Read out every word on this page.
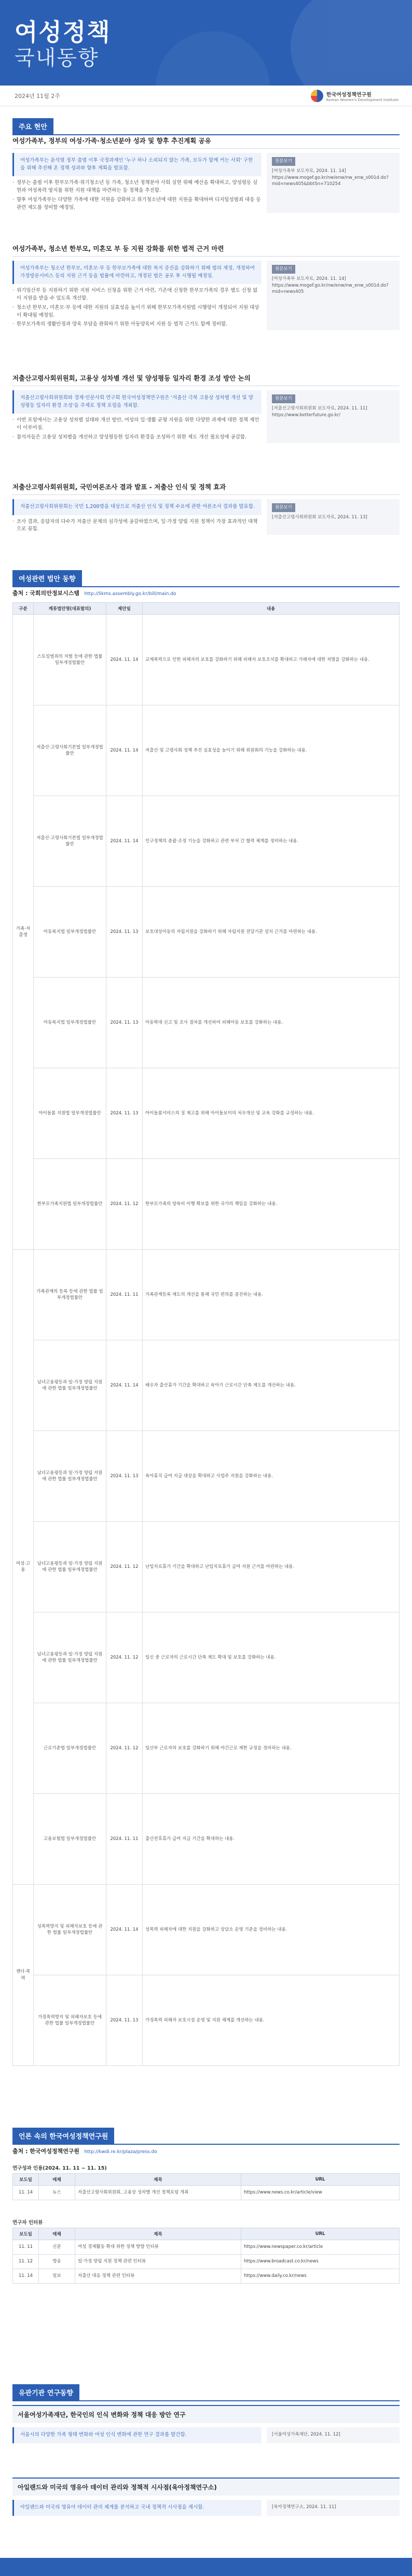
여성정책
국내동향
2024년 11월 2주	한국여성정책연구원
Korean Women's Development Institute
주요 현안
여성가족부, 정부의 여성·가족·청소년분야 성과 및 향후 추진계획 공유
여성가족부는 윤석열 정부 출범 이후 국정과제인 '누구 하나 소외되지 않는 가족, 모두가 함께 커는 사회' 구현을 위해 추진해 온 정책 성과와 향후 계획을 발표함.
· 정부는 출범 이후 한부모가족·위기청소년 등 가족, 청소년 정책분야 사회 실현 위해 예산을 확대하고, 양성평등 실현과 여성폭력 방지를 위한 지원 대책을 마련하는 등 정책을 추진함.
· 향후 여성가족부는 다양한 가족에 대한 지원을 강화하고 위기청소년에 대한 지원을 확대하며 디지털성범죄 대응 등 관련 제도를 정비할 예정임.
원문보기
[여성가족부 보도자료, 2024. 11. 14] https://www.mogef.go.kr/nw/enw/nw_enw_s001d.do?mid=news405&bbtSn=710254
여성가족부, 청소년 한부모, 미혼모 부 등 지원 강화를 위한 법적 근거 마련
여성가족부는 청소년 한부모, 미혼모·부 등 한부모가족에 대한 복지 증진을 강화하기 위해 법의 제정, 개정하여 가정방문서비스 등의 지원 근거 등을 법률에 마련하고, 개정된 법은 공포 후 시행될 예정임.
· 위기임산부 등 지원하기 위한 지원 서비스 신청을 위한 근거 마련, 기존에 신청한 한부모가족의 경우 별도 신청 없이 지원을 받을 수 있도록 개선함.
· 청소년 한부모, 미혼모·부 등에 대한 지원의 실효성을 높이기 위해 한부모가족지원법 시행령이 개정되어 지원 대상이 확대될 예정임.
· 한부모가족의 생활안정과 양육 부담을 완화하기 위한 아동양육비 지원 등 법적 근거도 함께 정비함.
원문보기
[여성가족부 보도자료, 2024. 11. 14] https://www.mogef.go.kr/nw/enw/nw_enw_s001d.do?mid=news405
저출산고령사회위원회, 고용상 성차별 개선 및 양성평등 일자리 환경 조성 방안 논의
저출산고령사회위원회와 경제·인문사회 연구회 한국여성정책연구원은 '저출산 극복 고용상 성차별 개선 및 양성평등 일자리 환경 조성'을 주제로 정책 포럼을 개최함.
· 이번 포럼에서는 고용상 성차별 실태와 개선 방안, 여성의 일·생활 균형 지원을 위한 다양한 과제에 대한 정책 제언이 이루어짐.
· 참석자들은 고용상 성차별을 개선하고 양성평등한 일자리 환경을 조성하기 위한 제도 개선 필요성에 공감함.
원문보기
[저출산고령사회위원회 보도자료, 2024. 11. 11] https://www.betterfuture.go.kr/
저출산고령사회위원회, 국민여론조사 결과 발표 - 저출산 인식 및 정책 효과
저출산고령사회위원회는 국민 1,200명을 대상으로 저출산 인식 및 정책 수요에 관한 여론조사 결과를 발표함.
· 조사 결과, 응답자의 다수가 저출산 문제의 심각성에 공감하였으며, 일·가정 양립 지원 정책이 가장 효과적인 대책으로 꼽힘.
원문보기
[저출산고령사회위원회 보도자료, 2024. 11. 13]
여성관련 법안 동향
출처 : 국회의안정보시스템 http://likms.assembly.go.kr/bill/main.do
구분	계류법안명(대표발의)	제안일	내용
가족·저출생	스토킹범죄의 처벌 등에 관한 법률 일부개정법률안	2024. 11. 14	교제폭력으로 인한 피해자의 보호를 강화하기 위해 피해자 보호조치를 확대하고 가해자에 대한 처벌을 강화하는 내용.
	저출산·고령사회기본법 일부개정법률안	2024. 11. 14	저출산 및 고령사회 정책 추진 실효성을 높이기 위해 위원회의 기능을 강화하는 내용.
	저출산·고령사회기본법 일부개정법률안	2024. 11. 14	인구정책의 총괄·조정 기능을 강화하고 관련 부처 간 협력 체계를 정비하는 내용.
	아동복지법 일부개정법률안	2024. 11. 13	보호대상아동의 자립지원을 강화하기 위해 자립지원 전담기관 설치 근거를 마련하는 내용.
	아동복지법 일부개정법률안	2024. 11. 13	아동학대 신고 및 조사 절차를 개선하여 피해아동 보호를 강화하는 내용.
	아이돌봄 지원법 일부개정법률안	2024. 11. 13	아이돌봄서비스의 질 제고를 위해 아이돌보미의 처우개선 및 교육 강화를 규정하는 내용.
	한부모가족지원법 일부개정법률안	2024. 11. 12	한부모가족의 양육비 이행 확보를 위한 국가의 책임을 강화하는 내용.
여성·고용	가족관계의 등록 등에 관한 법률 일부개정법률안	2024. 11. 11	가족관계등록 제도의 개선을 통해 국민 편의를 증진하는 내용.
	남녀고용평등과 일·가정 양립 지원에 관한 법률 일부개정법률안	2024. 11. 14	배우자 출산휴가 기간을 확대하고 육아기 근로시간 단축 제도를 개선하는 내용.
	남녀고용평등과 일·가정 양립 지원에 관한 법률 일부개정법률안	2024. 11. 13	육아휴직 급여 지급 대상을 확대하고 사업주 지원을 강화하는 내용.
	남녀고용평등과 일·가정 양립 지원에 관한 법률 일부개정법률안	2024. 11. 12	난임치료휴가 기간을 확대하고 난임치료휴가 급여 지원 근거를 마련하는 내용.
	남녀고용평등과 일·가정 양립 지원에 관한 법률 일부개정법률안	2024. 11. 12	임신 중 근로자의 근로시간 단축 제도 확대 및 보호를 강화하는 내용.
	근로기준법 일부개정법률안	2024. 11. 12	임산부 근로자의 보호를 강화하기 위해 야간근로 제한 규정을 정비하는 내용.
	고용보험법 일부개정법률안	2024. 11. 11	출산전후휴가 급여 지급 기간을 확대하는 내용.
젠더·폭력	성폭력방지 및 피해자보호 등에 관한 법률 일부개정법률안	2024. 11. 14	성폭력 피해자에 대한 지원을 강화하고 상담소 운영 기준을 정비하는 내용.
	가정폭력방지 및 피해자보호 등에 관한 법률 일부개정법률안	2024. 11. 13	가정폭력 피해자 보호시설 운영 및 지원 체계를 개선하는 내용.
언론 속의 한국여성정책연구원
출처 : 한국여성정책연구원 http://kwdi.re.kr/plaza/press.do
연구성과 인용(2024. 11. 11 ~ 11. 15)
보도일	매체	제목	URL
11. 14	뉴스	저출산고령사회위원회, 고용상 성차별 개선 정책포럼 개최	https://www.news.co.kr/article/view
연구자 인터뷰
보도일	매체	제목	URL
11. 11	신문	여성 경제활동 확대 위한 정책 방향 인터뷰	https://www.newspaper.co.kr/article
11. 12	방송	일·가정 양립 지원 정책 관련 인터뷰	https://www.broadcast.co.kr/news
11. 14	일보	저출산 대응 정책 관련 인터뷰	https://www.daily.co.kr/news
유관기관 연구동향
서울여성가족재단, 한국인의 인식 변화와 정책 대응 방안 연구
서울시의 다양한 가족 형태 변화와 여성 인식 변화에 관한 연구 결과를 발간함.	[서울여성가족재단, 2024. 11. 12]
아일랜드와 미국의 영유아 데이터 관리와 정책적 시사점(육아정책연구소)
아일랜드와 미국의 영유아 데이터 관리 체계를 분석하고 국내 정책적 시사점을 제시함.	[육아정책연구소, 2024. 11. 11]
